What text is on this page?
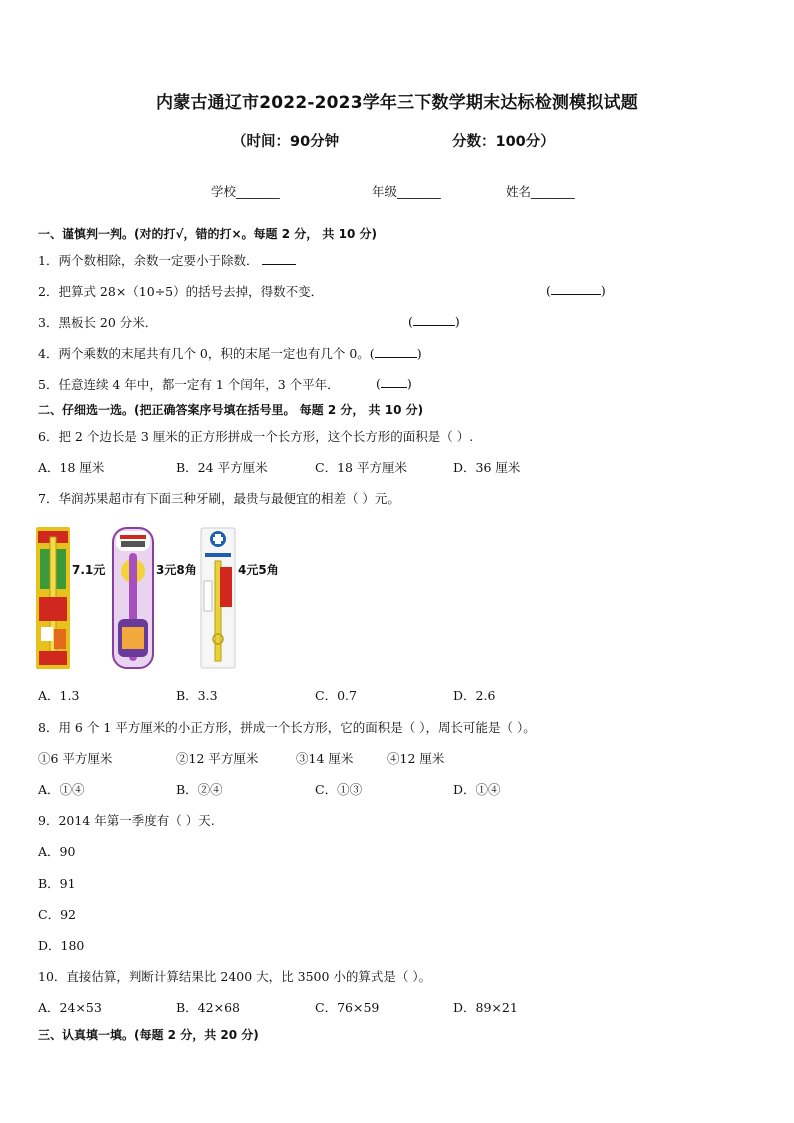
内蒙古通辽市2022-2023学年三下数学期末达标检测模拟试题
（时间：90分钟	分数：100分）
学校_______	年级_______	姓名_______
一、谨慎判一判。(对的打√，错的打×。每题 2 分， 共 10 分)
1．两个数相除，余数一定要小于除数．
2．把算式 28×（10÷5）的括号去掉，得数不变．	(	)
3．黑板长 20 分米．	(	)
4．两个乘数的末尾共有几个 0，积的末尾一定也有几个 0。(	)
5．任意连续 4 年中，都一定有 1 个闰年，3 个平年．	( )
二、仔细选一选。(把正确答案序号填在括号里。 每题 2 分， 共 10 分)
6．把 2 个边长是 3 厘米的正方形拼成一个长方形，这个长方形的面积是（ ）.
A．18 厘米	B．24 平方厘米	C．18 平方厘米	D．36 厘米
7．华润苏果超市有下面三种牙刷，最贵与最便宜的相差（ ）元。
7.1元	3元8角	4元5角
A．1.3	B．3.3	C．0.7	D．2.6
8．用 6 个 1 平方厘米的小正方形，拼成一个长方形，它的面积是（ ），周长可能是（ ）。
①6 平方厘米	②12 平方厘米	③14 厘米	④12 厘米
A．①④	B．②④	C．①③	D．①④
9．2014 年第一季度有（ ）天.
A．90
B．91
C．92
D．180
10．直接估算，判断计算结果比 2400 大，比 3500 小的算式是（ ）。
A．24×53	B．42×68	C．76×59	D．89×21
三、认真填一填。(每题 2 分，共 20 分)
